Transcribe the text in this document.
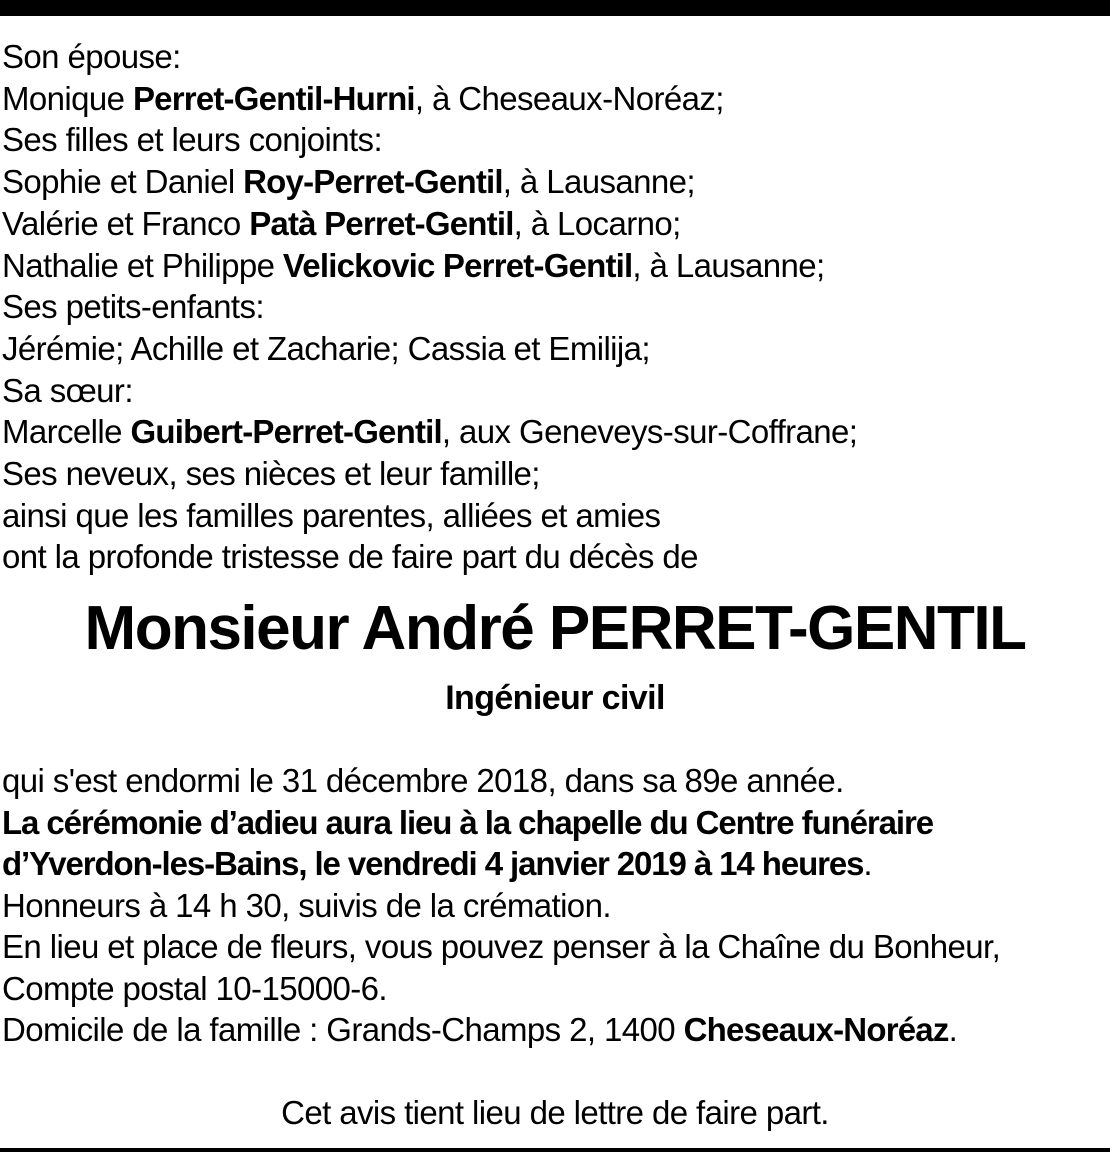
Son épouse:
Monique Perret-Gentil-Hurni, à Cheseaux-Noréaz;
Ses filles et leurs conjoints:
Sophie et Daniel Roy-Perret-Gentil, à Lausanne;
Valérie et Franco Patà Perret-Gentil, à Locarno;
Nathalie et Philippe Velickovic Perret-Gentil, à Lausanne;
Ses petits-enfants:
Jérémie; Achille et Zacharie; Cassia et Emilija;
Sa sœur:
Marcelle Guibert-Perret-Gentil, aux Geneveys-sur-Coffrane;
Ses neveux, ses nièces et leur famille;
ainsi que les familles parentes, alliées et amies
ont la profonde tristesse de faire part du décès de
Monsieur André PERRET-GENTIL
Ingénieur civil
qui s'est endormi le 31 décembre 2018, dans sa 89e année.
La cérémonie d’adieu aura lieu à la chapelle du Centre funéraire
d’Yverdon-les-Bains, le vendredi 4 janvier 2019 à 14 heures.
Honneurs à 14 h 30, suivis de la crémation.
En lieu et place de fleurs, vous pouvez penser à la Chaîne du Bonheur,
Compte postal 10-15000-6.
Domicile de la famille : Grands-Champs 2, 1400 Cheseaux-Noréaz.
Cet avis tient lieu de lettre de faire part.
